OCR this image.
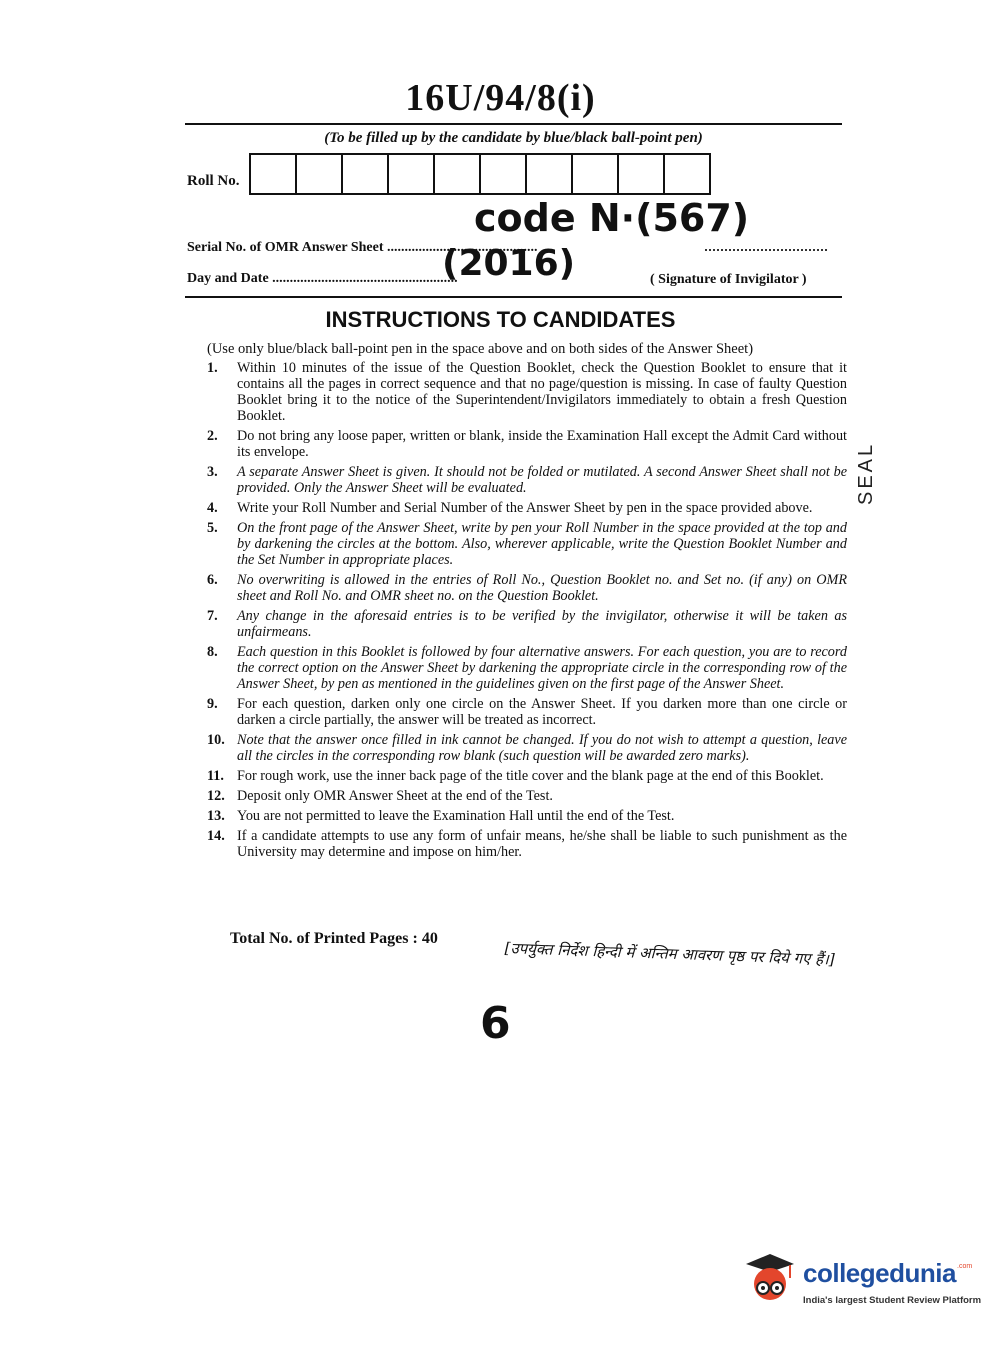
16U/94/8(i)
(To be filled up by the candidate by blue/black ball-point pen)
Roll No.
code N·(567)
Serial No. of OMR Answer Sheet ...........................................
(2016)
Day and Date .....................................................	( Signature of Invigilator )
INSTRUCTIONS TO CANDIDATES
(Use only blue/black ball-point pen in the space above and on both sides of the Answer Sheet)
1.	Within 10 minutes of the issue of the Question Booklet, check the Question Booklet to ensure that it contains all the pages in correct sequence and that no page/question is missing. In case of faulty Question Booklet bring it to the notice of the Superintendent/Invigilators immediately to obtain a fresh Question Booklet.
2.	Do not bring any loose paper, written or blank, inside the Examination Hall except the Admit Card without its envelope.
3.	A separate Answer Sheet is given. It should not be folded or mutilated. A second Answer Sheet shall not be provided. Only the Answer Sheet will be evaluated.
4.	Write your Roll Number and Serial Number of the Answer Sheet by pen in the space provided above.
5.	On the front page of the Answer Sheet, write by pen your Roll Number in the space provided at the top and by darkening the circles at the bottom. Also, wherever applicable, write the Question Booklet Number and the Set Number in appropriate places.
6.	No overwriting is allowed in the entries of Roll No., Question Booklet no. and Set no. (if any) on OMR sheet and Roll No. and OMR sheet no. on the Question Booklet.
7.	Any change in the aforesaid entries is to be verified by the invigilator, otherwise it will be taken as unfairmeans.
8.	Each question in this Booklet is followed by four alternative answers. For each question, you are to record the correct option on the Answer Sheet by darkening the appropriate circle in the corresponding row of the Answer Sheet, by pen as mentioned in the guidelines given on the first page of the Answer Sheet.
9.	For each question, darken only one circle on the Answer Sheet. If you darken more than one circle or darken a circle partially, the answer will be treated as incorrect.
10. Note that the answer once filled in ink cannot be changed. If you do not wish to attempt a question, leave all the circles in the corresponding row blank (such question will be awarded zero marks).
11. For rough work, use the inner back page of the title cover and the blank page at the end of this Booklet.
12. Deposit only OMR Answer Sheet at the end of the Test.
13. You are not permitted to leave the Examination Hall until the end of the Test.
14. If a candidate attempts to use any form of unfair means, he/she shall be liable to such punishment as the University may determine and impose on him/her.
SEAL
Total No. of Printed Pages : 40
[उपर्युक्त निर्देश हिन्दी में अन्तिम आवरण पृष्ठ पर दिये गए हैं।]
6
collegedunia .com
India's largest Student Review Platform
